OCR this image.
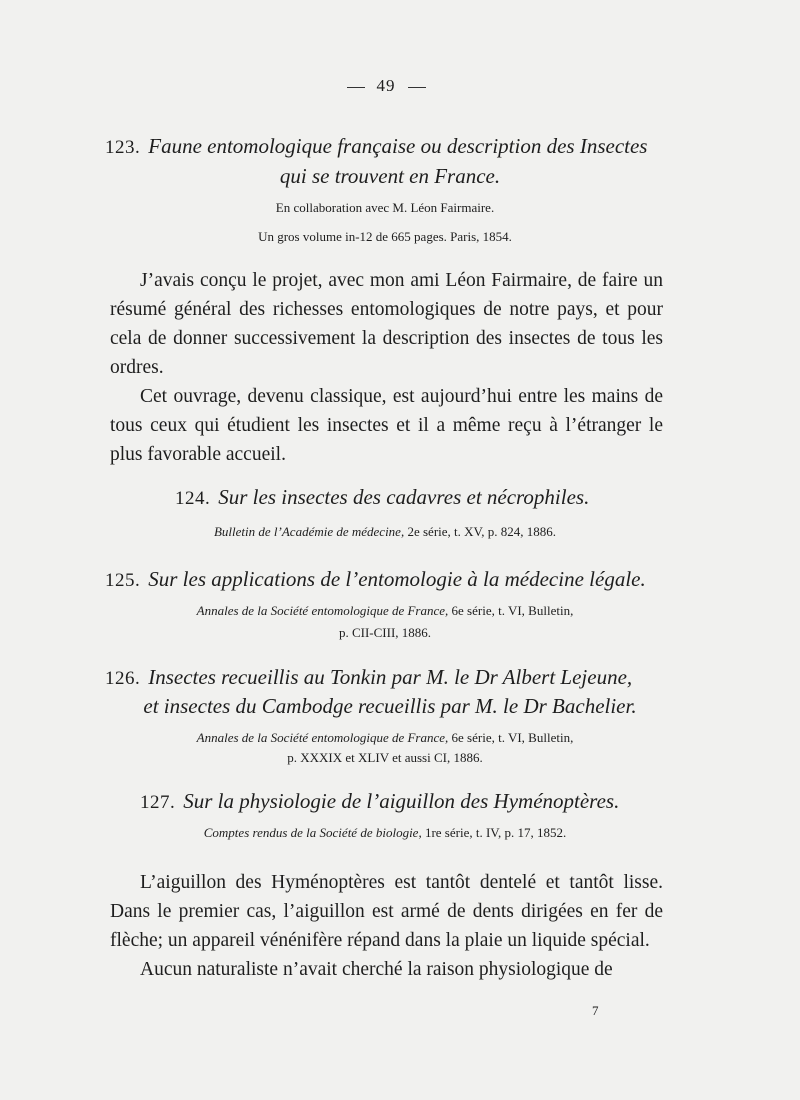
49
123. Faune entomologique française ou description des Insectes
qui se trouvent en France.
En collaboration avec M. Léon Fairmaire.
Un gros volume in-12 de 665 pages. Paris, 1854.

J’avais conçu le projet, avec mon ami Léon Fairmaire, de faire un résumé général des richesses entomologiques de notre pays, et pour cela de donner successivement la description des insectes de tous les ordres.

Cet ouvrage, devenu classique, est aujourd’hui entre les mains de tous ceux qui étudient les insectes et il a même reçu à l’étranger le plus favorable accueil.

124. Sur les insectes des cadavres et nécrophiles.
Bulletin de l’Académie de médecine, 2e série, t. XV, p. 824, 1886.
125. Sur les applications de l’entomologie à la médecine légale.
Annales de la Société entomologique de France, 6e série, t. VI, Bulletin,
p. CII-CIII, 1886.
126. Insectes recueillis au Tonkin par M. le Dr Albert Lejeune,
et insectes du Cambodge recueillis par M. le Dr Bachelier.
Annales de la Société entomologique de France, 6e série, t. VI, Bulletin,
p. XXXIX et XLIV et aussi CI, 1886.
127. Sur la physiologie de l’aiguillon des Hyménoptères.
Comptes rendus de la Société de biologie, 1re série, t. IV, p. 17, 1852.

L’aiguillon des Hyménoptères est tantôt dentelé et tantôt lisse. Dans le premier cas, l’aiguillon est armé de dents dirigées en fer de flèche; un appareil vénénifère répand dans la plaie un liquide spécial.

Aucun naturaliste n’avait cherché la raison physiologique de

7
